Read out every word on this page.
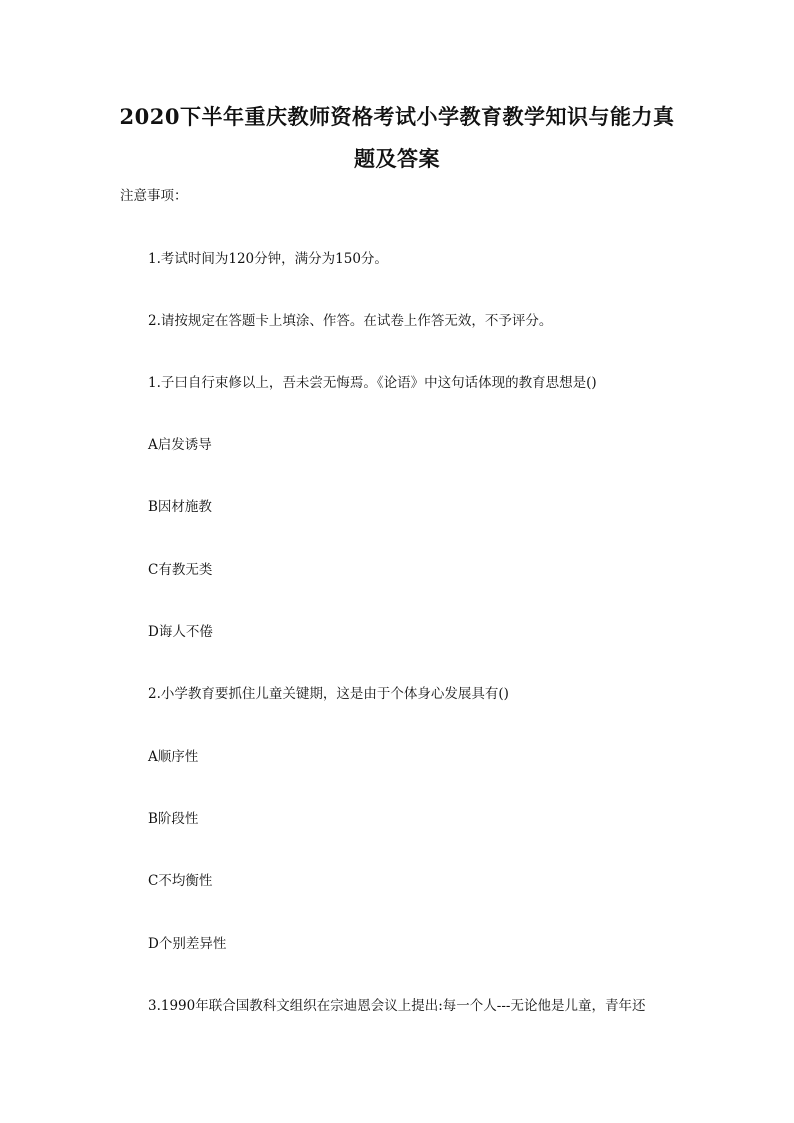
2020下半年重庆教师资格考试小学教育教学知识与能力真
题及答案
注意事项：
1.考试时间为120分钟，满分为150分。
2.请按规定在答题卡上填涂、作答。在试卷上作答无效，不予评分。
1.子曰自行束修以上，吾未尝无悔焉。《论语》中这句话体现的教育思想是()
A启发诱导
B因材施教
C有教无类
D诲人不倦
2.小学教育要抓住儿童关键期，这是由于个体身心发展具有()
A顺序性
B阶段性
C不均衡性
D个别差异性
3.1990年联合国教科文组织在宗迪恩会议上提出:每一个人---无论他是儿童，青年还
